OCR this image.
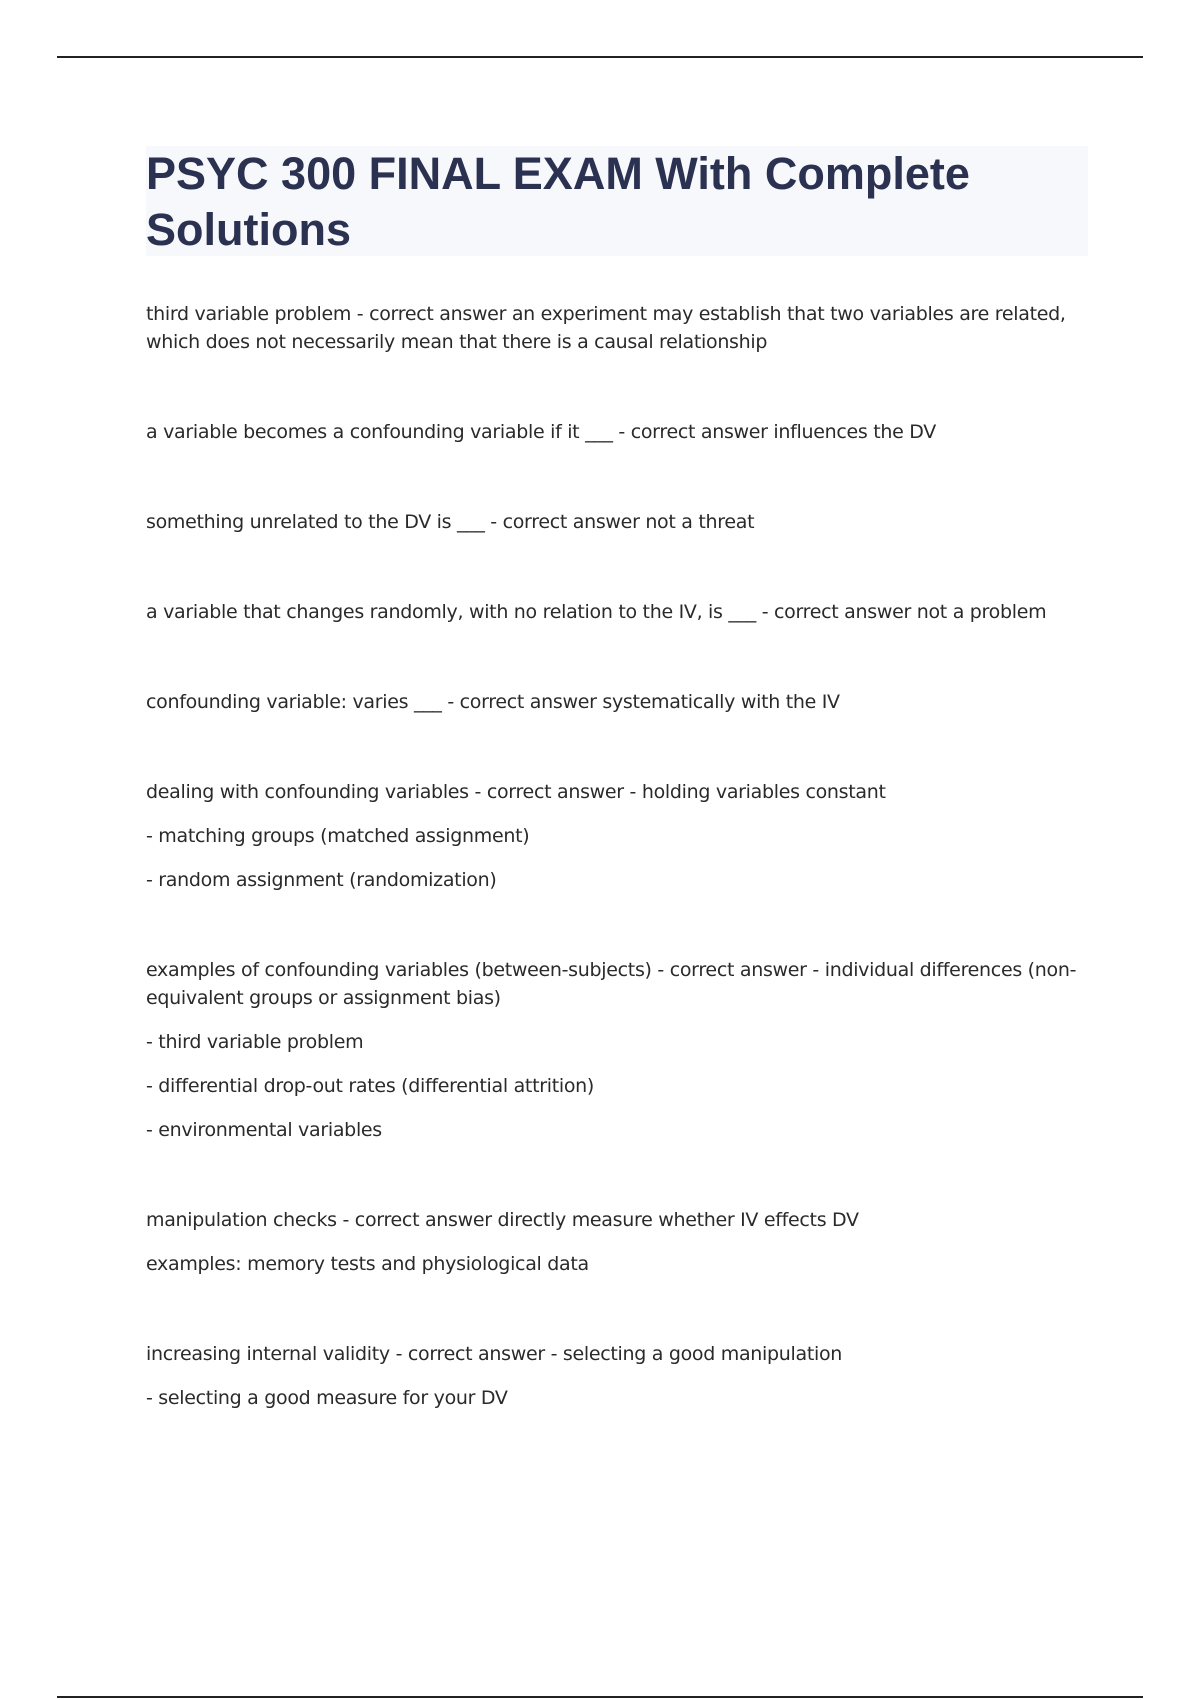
PSYC 300 FINAL EXAM With Complete Solutions

third variable problem - correct answer an experiment may establish that two variables are related, which does not necessarily mean that there is a causal relationship

a variable becomes a confounding variable if it ___ - correct answer influences the DV

something unrelated to the DV is ___ - correct answer not a threat

a variable that changes randomly, with no relation to the IV, is ___ - correct answer not a problem

confounding variable: varies ___ - correct answer systematically with the IV

dealing with confounding variables - correct answer - holding variables constant

- matching groups (matched assignment)

- random assignment (randomization)

examples of confounding variables (between-subjects) - correct answer - individual differences (non-equivalent groups or assignment bias)

- third variable problem

- differential drop-out rates (differential attrition)

- environmental variables

manipulation checks - correct answer directly measure whether IV effects DV

examples: memory tests and physiological data

increasing internal validity - correct answer - selecting a good manipulation

- selecting a good measure for your DV
